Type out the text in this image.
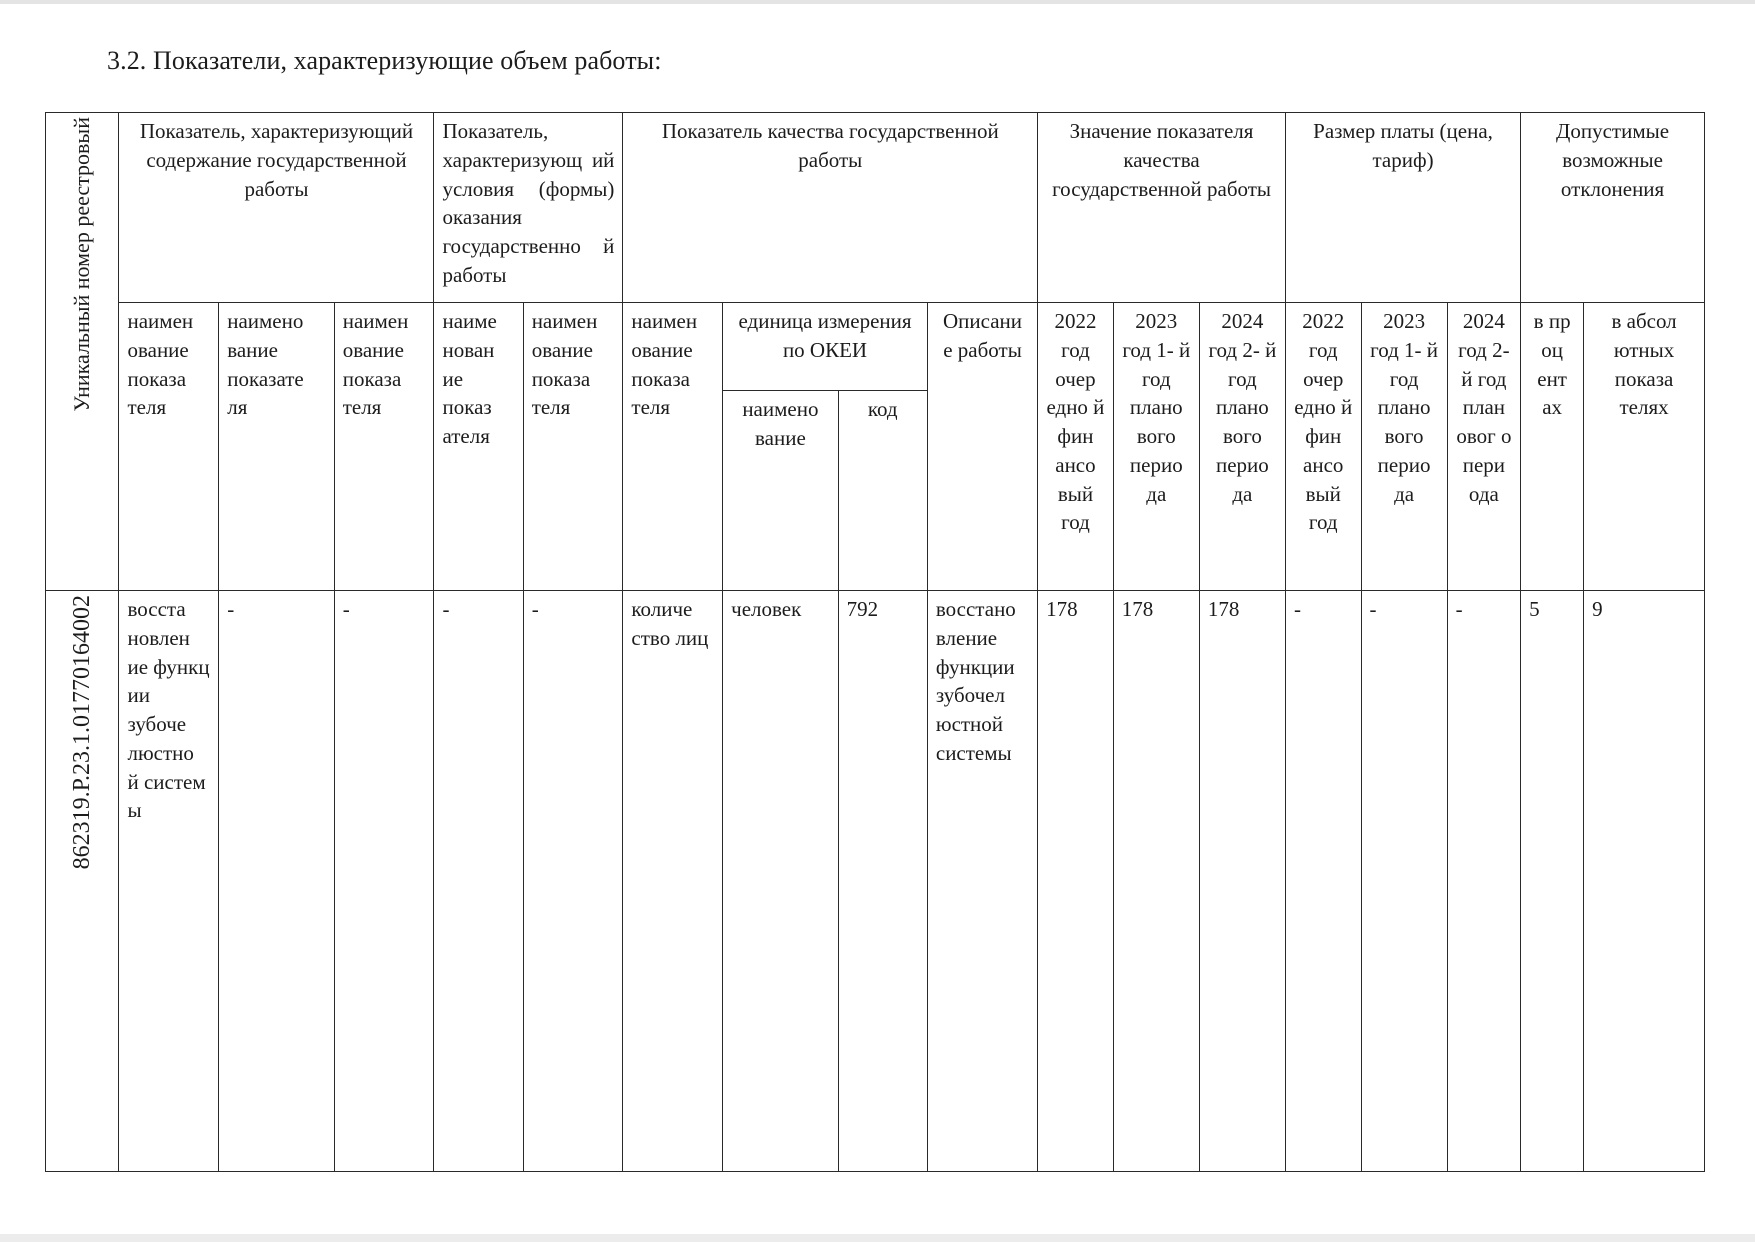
3.2. Показатели, характеризующие объем работы:
Уникальный номер реестровый	Показатель, характеризующий содержание государственной работы			Показатель, характеризующ ий условия (формы) оказания государственно й работы		Показатель качества государственной работы				Значение показателя качества государственной работы			Размер платы (цена, тариф)			Допустимые возможные отклонения	
	наимен ование показа теля	наимено вание показате ля	наимен ование показа теля	наиме нован ие показ ателя	наимен ование показа теля	наимен ование показа теля	единица измерения по ОКЕИ		Описани е работы	2022 год очер едно й фин ансо вый год	2023 год 1- й год плано вого перио да	2024 год 2- й год плано вого перио да	2022 год очер едно й фин ансо вый год	2023 год 1- й год плано вого перио да	2024 год 2-й год план овог о пери ода	в пр оц ент ах	в абсол ютных показа телях
							наимено вание	код									
862319.Р.23.1.01770164002	восста новлен ие функц ии зубоче люстно й систем ы	-	-	-	-	количе ство лиц	человек	792	восстано вление функции зубочел юстной системы	178	178	178	-	-	-	5	9
